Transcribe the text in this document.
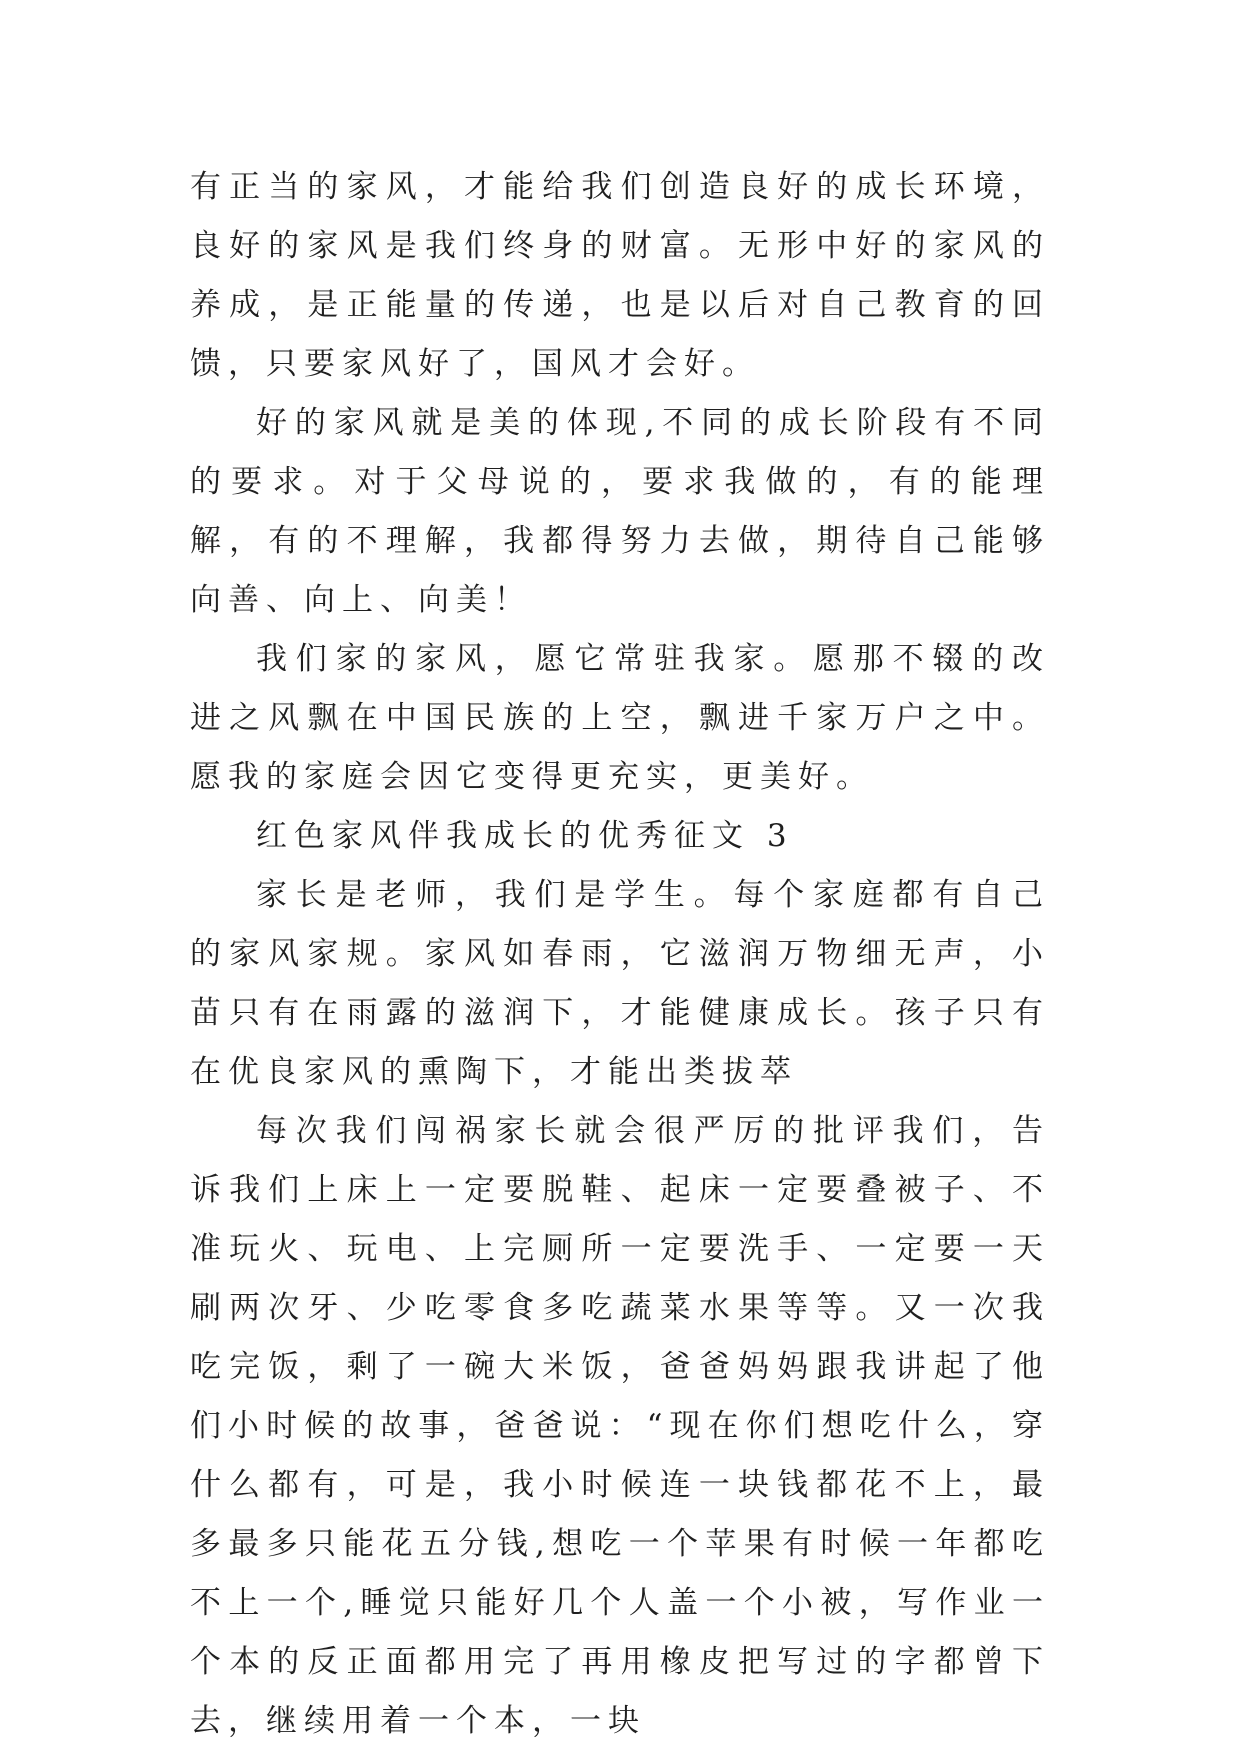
有正当的家风，才能给我们创造良好的成长环境，良好的家风是我们终身的财富。无形中好的家风的养成，是正能量的传递，也是以后对自己教育的回馈，只要家风好了，国风才会好。

好的家风就是美的体现,不同的成长阶段有不同的要求。对于父母说的，要求我做的，有的能理解，有的不理解，我都得努力去做，期待自己能够向善、向上、向美！

我们家的家风，愿它常驻我家。愿那不辍的改进之风飘在中国民族的上空，飘进千家万户之中。愿我的家庭会因它变得更充实，更美好。

红色家风伴我成长的优秀征文 3

家长是老师，我们是学生。每个家庭都有自己的家风家规。家风如春雨，它滋润万物细无声，小苗只有在雨露的滋润下，才能健康成长。孩子只有在优良家风的熏陶下，才能出类拔萃

每次我们闯祸家长就会很严厉的批评我们，告诉我们上床上一定要脱鞋、起床一定要叠被子、不准玩火、玩电、上完厕所一定要洗手、一定要一天刷两次牙、少吃零食多吃蔬菜水果等等。又一次我吃完饭，剩了一碗大米饭，爸爸妈妈跟我讲起了他们小时候的故事，爸爸说：“现在你们想吃什么，穿什么都有，可是，我小时候连一块钱都花不上，最多最多只能花五分钱,想吃一个苹果有时候一年都吃不上一个,睡觉只能好几个人盖一个小被，写作业一个本的反正面都用完了再用橡皮把写过的字都曾下去，继续用着一个本，一块
